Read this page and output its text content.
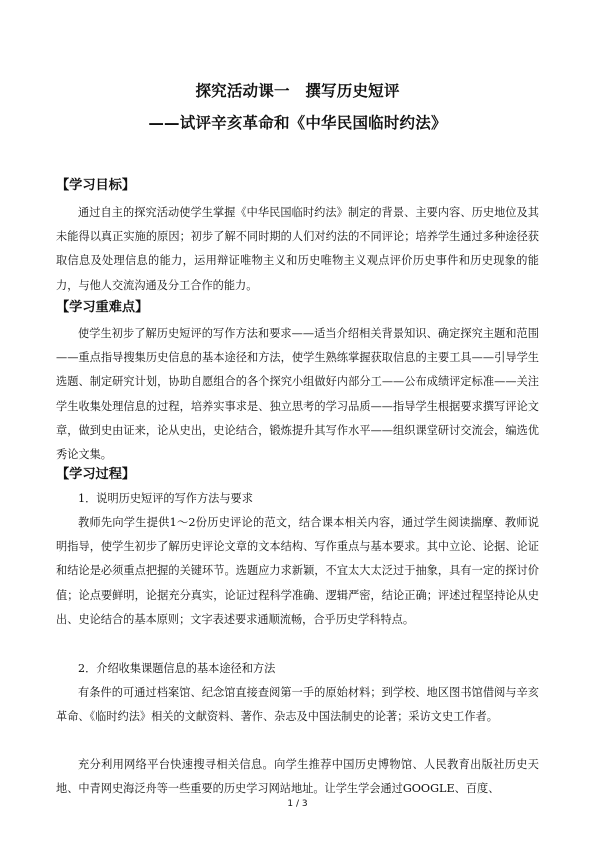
探究活动课一　撰写历史短评
——试评辛亥革命和《中华民国临时约法》
【学习目标】

通过自主的探究活动使学生掌握《中华民国临时约法》制定的背景、主要内容、历史地位及其未能得以真正实施的原因；初步了解不同时期的人们对约法的不同评论；培养学生通过多种途径获取信息及处理信息的能力，运用辩证唯物主义和历史唯物主义观点评价历史事件和历史现象的能力，与他人交流沟通及分工合作的能力。

【学习重难点】

使学生初步了解历史短评的写作方法和要求——适当介绍相关背景知识、确定探究主题和范围——重点指导搜集历史信息的基本途径和方法，使学生熟练掌握获取信息的主要工具——引导学生选题、制定研究计划，协助自愿组合的各个探究小组做好内部分工——公布成绩评定标准——关注学生收集处理信息的过程，培养实事求是、独立思考的学习品质——指导学生根据要求撰写评论文章，做到史由证来，论从史出，史论结合，锻炼提升其写作水平——组织课堂研讨交流会，编选优秀论文集。

【学习过程】

1．说明历史短评的写作方法与要求

教师先向学生提供1～2份历史评论的范文，结合课本相关内容，通过学生阅读揣摩、教师说明指导，使学生初步了解历史评论文章的文本结构、写作重点与基本要求。其中立论、论据、论证和结论是必须重点把握的关键环节。选题应力求新颖，不宜太大太泛过于抽象，具有一定的探讨价值；论点要鲜明，论据充分真实，论证过程科学准确、逻辑严密，结论正确；评述过程坚持论从史出、史论结合的基本原则；文字表述要求通顺流畅，合乎历史学科特点。

2．介绍收集课题信息的基本途径和方法

有条件的可通过档案馆、纪念馆直接查阅第一手的原始材料；到学校、地区图书馆借阅与辛亥革命、《临时约法》相关的文献资料、著作、杂志及中国法制史的论著；采访文史工作者。

充分利用网络平台快速搜寻相关信息。向学生推荐中国历史博物馆、人民教育出版社历史天地、中青网史海泛舟等一些重要的历史学习网站地址。让学生学会通过GOOGLE、百度、

1 / 3
